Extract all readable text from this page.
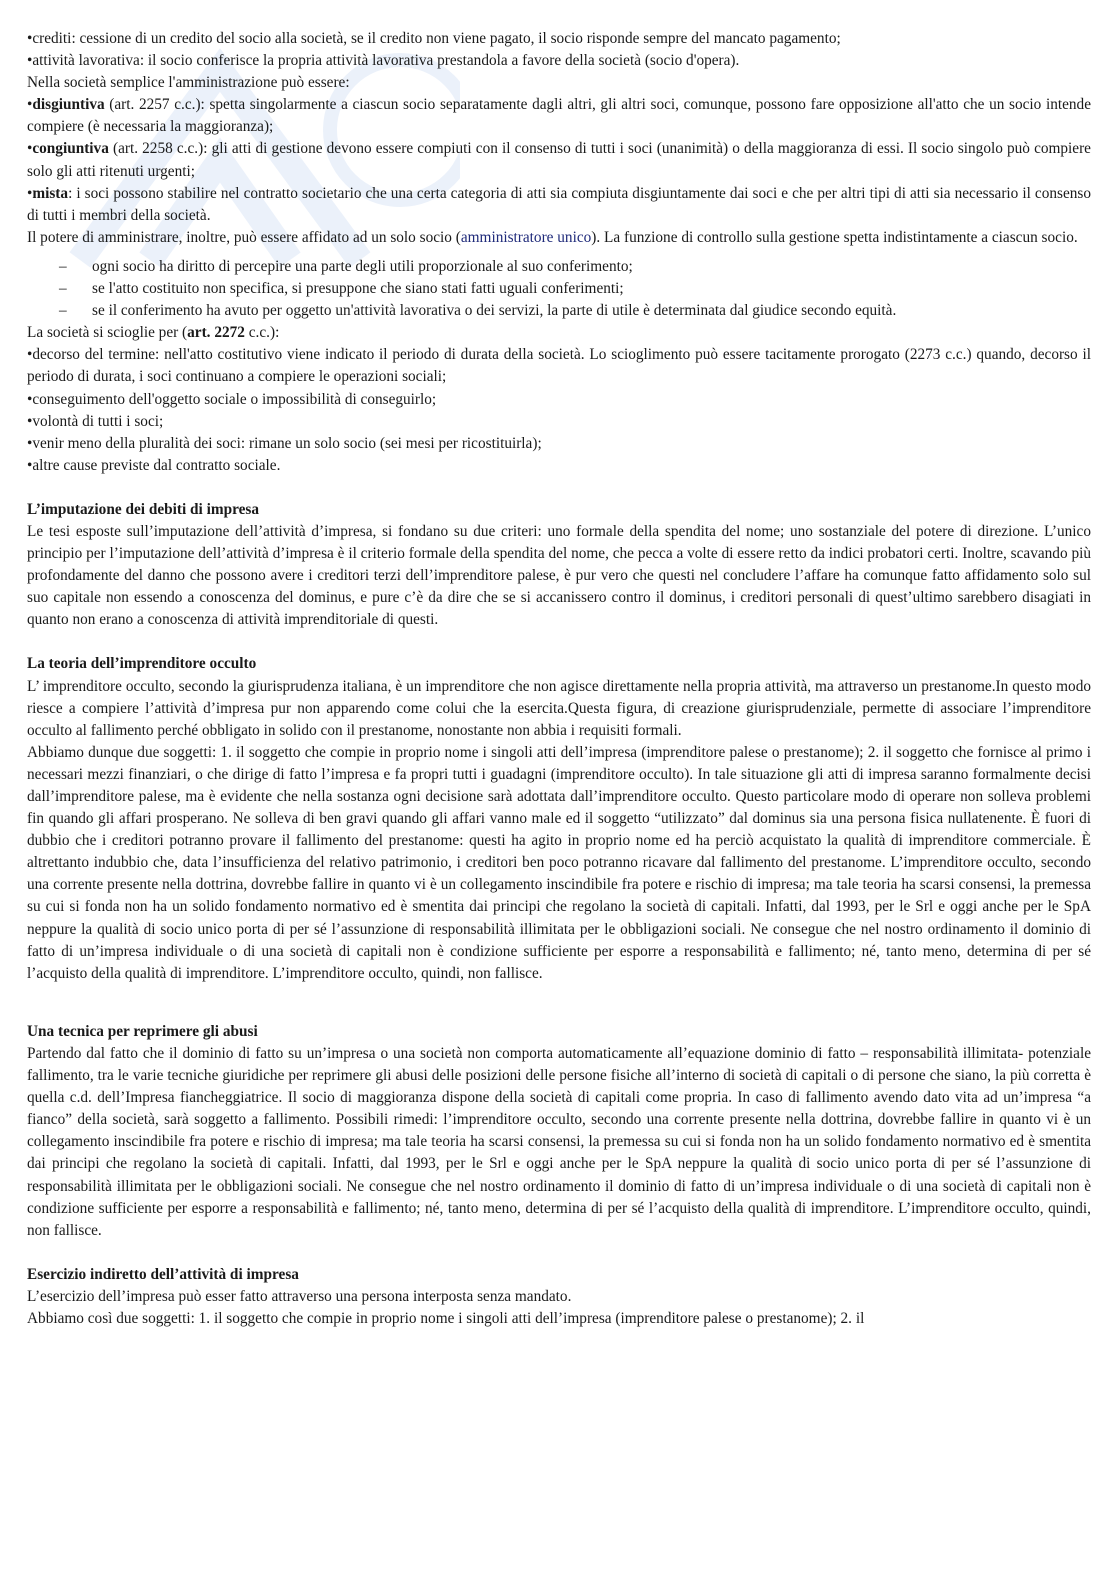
•crediti: cessione di un credito del socio alla società, se il credito non viene pagato, il socio risponde sempre del mancato pagamento;
•attività lavorativa: il socio conferisce la propria attività lavorativa prestandola a favore della società (socio d'opera).
Nella società semplice l'amministrazione può essere:
•disgiuntiva (art. 2257 c.c.): spetta singolarmente a ciascun socio separatamente dagli altri, gli altri soci, comunque, possono fare opposizione all'atto che un socio intende compiere (è necessaria la maggioranza);
•congiuntiva (art. 2258 c.c.): gli atti di gestione devono essere compiuti con il consenso di tutti i soci (unanimità) o della maggioranza di essi. Il socio singolo può compiere solo gli atti ritenuti urgenti;
•mista: i soci possono stabilire nel contratto societario che una certa categoria di atti sia compiuta disgiuntamente dai soci e che per altri tipi di atti sia necessario il consenso di tutti i membri della società.
Il potere di amministrare, inoltre, può essere affidato ad un solo socio (amministratore unico). La funzione di controllo sulla gestione spetta indistintamente a ciascun socio.
–	ogni socio ha diritto di percepire una parte degli utili proporzionale al suo conferimento;
–	se l'atto costituito non specifica, si presuppone che siano stati fatti uguali conferimenti;
–	se il conferimento ha avuto per oggetto un'attività lavorativa o dei servizi, la parte di utile è determinata dal giudice secondo equità.
La società si scioglie per (art. 2272 c.c.):
•decorso del termine: nell'atto costitutivo viene indicato il periodo di durata della società. Lo scioglimento può essere tacitamente prorogato (2273 c.c.) quando, decorso il periodo di durata, i soci continuano a compiere le operazioni sociali;
•conseguimento dell'oggetto sociale o impossibilità di conseguirlo;
•volontà di tutti i soci;
•venir meno della pluralità dei soci: rimane un solo socio (sei mesi per ricostituirla);
•altre cause previste dal contratto sociale.
L’imputazione dei debiti di impresa
Le tesi esposte sull’imputazione dell’attività d’impresa, si fondano su due criteri: uno formale della spendita del nome; uno sostanziale del potere di direzione. L’unico principio per l’imputazione dell’attività d’impresa è il criterio formale della spendita del nome, che pecca a volte di essere retto da indici probatori certi. Inoltre, scavando più profondamente del danno che possono avere i creditori terzi dell’imprenditore palese, è pur vero che questi nel concludere l’affare ha comunque fatto affidamento solo sul suo capitale non essendo a conoscenza del dominus, e pure c’è da dire che se si accanissero contro il dominus, i creditori personali di quest’ultimo sarebbero disagiati in quanto non erano a conoscenza di attività imprenditoriale di questi.
La teoria dell’imprenditore occulto
L’ imprenditore occulto, secondo la giurisprudenza italiana, è un imprenditore che non agisce direttamente nella propria attività, ma attraverso un prestanome.In questo modo riesce a compiere l’attività d’impresa pur non apparendo come colui che la esercita.Questa figura, di creazione giurisprudenziale, permette di associare l’imprenditore occulto al fallimento perché obbligato in solido con il prestanome, nonostante non abbia i requisiti formali.
Abbiamo dunque due soggetti: 1. il soggetto che compie in proprio nome i singoli atti dell’impresa (imprenditore palese o prestanome); 2. il soggetto che fornisce al primo i necessari mezzi finanziari, o che dirige di fatto l’impresa e fa propri tutti i guadagni (imprenditore occulto). In tale situazione gli atti di impresa saranno formalmente decisi dall’imprenditore palese, ma è evidente che nella sostanza ogni decisione sarà adottata dall’imprenditore occulto. Questo particolare modo di operare non solleva problemi fin quando gli affari prosperano. Ne solleva di ben gravi quando gli affari vanno male ed il soggetto “utilizzato” dal dominus sia una persona fisica nullatenente. È fuori di dubbio che i creditori potranno provare il fallimento del prestanome: questi ha agito in proprio nome ed ha perciò acquistato la qualità di imprenditore commerciale. È altrettanto indubbio che, data l’insufficienza del relativo patrimonio, i creditori ben poco potranno ricavare dal fallimento del prestanome. L’imprenditore occulto, secondo una corrente presente nella dottrina, dovrebbe fallire in quanto vi è un collegamento inscindibile fra potere e rischio di impresa; ma tale teoria ha scarsi consensi, la premessa su cui si fonda non ha un solido fondamento normativo ed è smentita dai principi che regolano la società di capitali. Infatti, dal 1993, per le Srl e oggi anche per le SpA neppure la qualità di socio unico porta di per sé l’assunzione di responsabilità illimitata per le obbligazioni sociali. Ne consegue che nel nostro ordinamento il dominio di fatto di un’impresa individuale o di una società di capitali non è condizione sufficiente per esporre a responsabilità e fallimento; né, tanto meno, determina di per sé l’acquisto della qualità di imprenditore. L’imprenditore occulto, quindi, non fallisce.
Una tecnica per reprimere gli abusi
Partendo dal fatto che il dominio di fatto su un’impresa o una società non comporta automaticamente all’equazione dominio di fatto – responsabilità illimitata- potenziale fallimento, tra le varie tecniche giuridiche per reprimere gli abusi delle posizioni delle persone fisiche all’interno di società di capitali o di persone che siano, la più corretta è quella c.d. dell’Impresa fiancheggiatrice. Il socio di maggioranza dispone della società di capitali come propria. In caso di fallimento avendo dato vita ad un’impresa “a fianco” della società, sarà soggetto a fallimento. Possibili rimedi: l’imprenditore occulto, secondo una corrente presente nella dottrina, dovrebbe fallire in quanto vi è un collegamento inscindibile fra potere e rischio di impresa; ma tale teoria ha scarsi consensi, la premessa su cui si fonda non ha un solido fondamento normativo ed è smentita dai principi che regolano la società di capitali. Infatti, dal 1993, per le Srl e oggi anche per le SpA neppure la qualità di socio unico porta di per sé l’assunzione di responsabilità illimitata per le obbligazioni sociali. Ne consegue che nel nostro ordinamento il dominio di fatto di un’impresa individuale o di una società di capitali non è condizione sufficiente per esporre a responsabilità e fallimento; né, tanto meno, determina di per sé l’acquisto della qualità di imprenditore. L’imprenditore occulto, quindi, non fallisce.
Esercizio indiretto dell’attività di impresa
L’esercizio dell’impresa può esser fatto attraverso una persona interposta senza mandato.
Abbiamo così due soggetti: 1. il soggetto che compie in proprio nome i singoli atti dell’impresa (imprenditore palese o prestanome); 2. il
